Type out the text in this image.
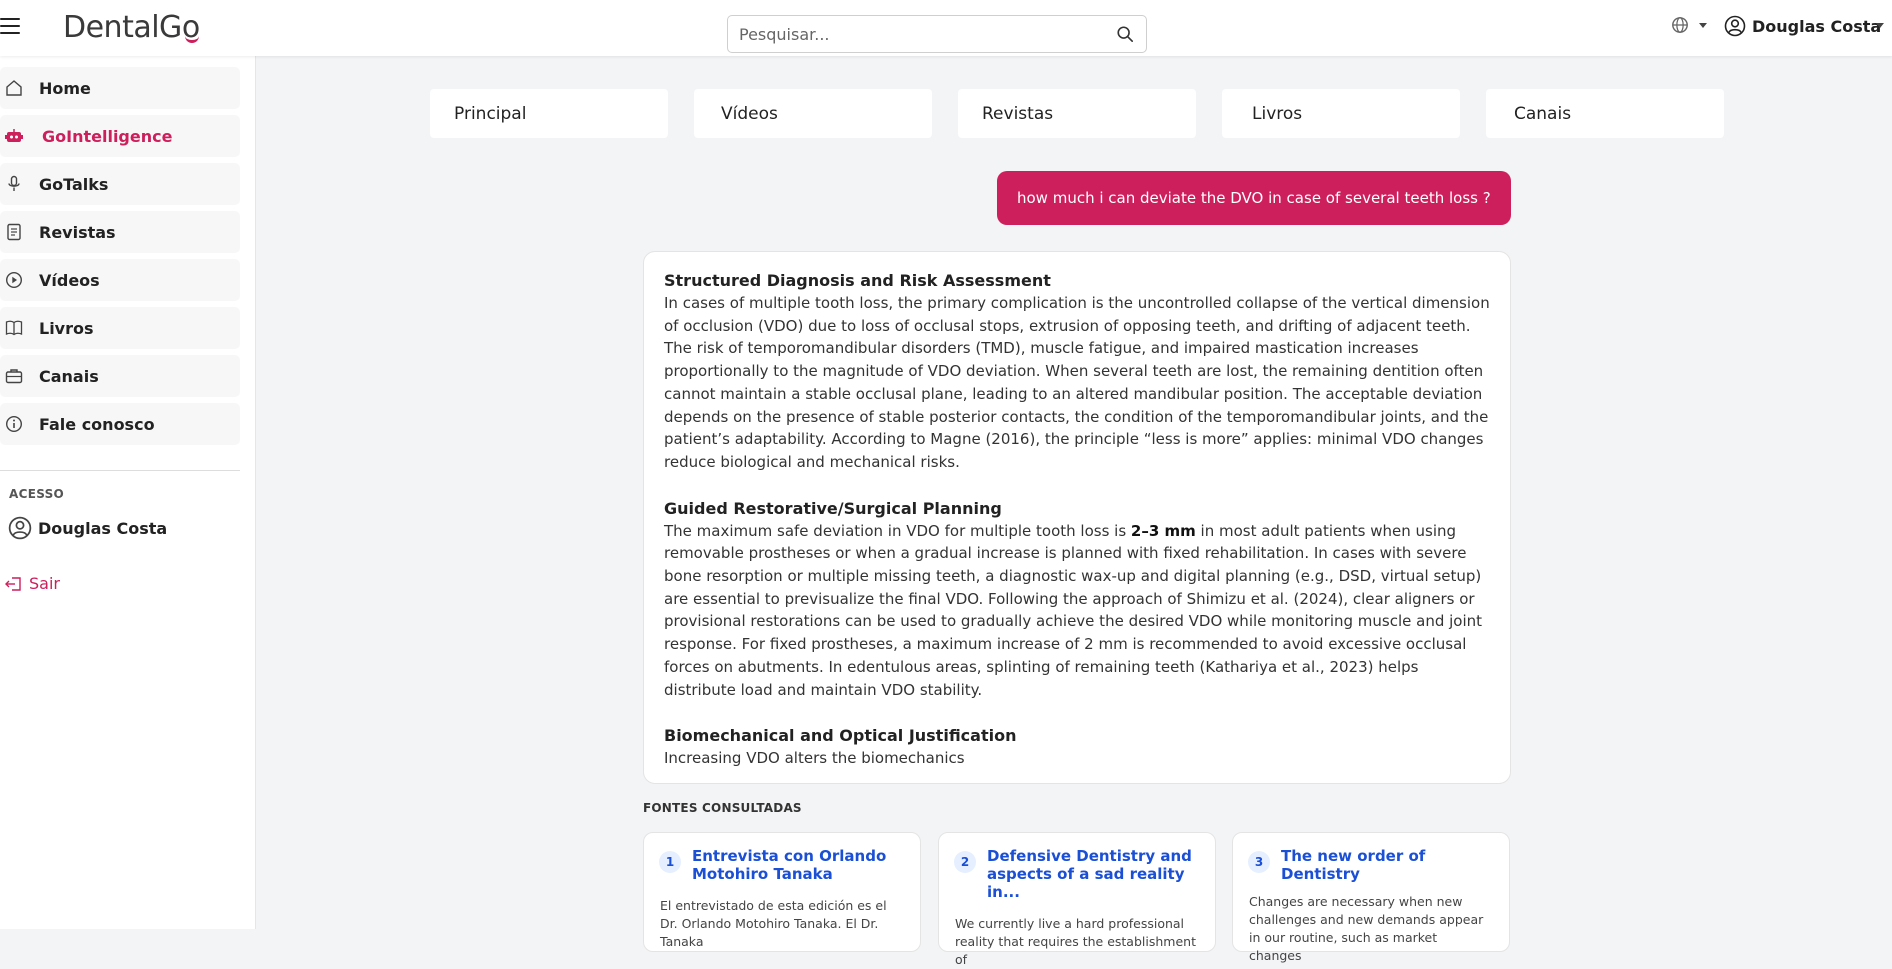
DentalGo
Pesquisar...	Douglas Costa
Home
GoIntelligence
GoTalks
Revistas
Vídeos
Livros
Canais
Fale conosco
ACESSO
Douglas Costa
Sair
Principal	Vídeos	Revistas	Livros	Canais
how much i can deviate the DVO in case of several teeth loss ?
Structured Diagnosis and Risk Assessment

In cases of multiple tooth loss, the primary complication is the uncontrolled collapse of the vertical dimension of occlusion (VDO) due to loss of occlusal stops, extrusion of opposing teeth, and drifting of adjacent teeth. The risk of temporomandibular disorders (TMD), muscle fatigue, and impaired mastication increases proportionally to the magnitude of VDO deviation. When several teeth are lost, the remaining dentition often cannot maintain a stable occlusal plane, leading to an altered mandibular position. The acceptable deviation depends on the presence of stable posterior contacts, the condition of the temporomandibular joints, and the patient’s adaptability. According to Magne (2016), the principle “less is more” applies: minimal VDO changes reduce biological and mechanical risks.

Guided Restorative/Surgical Planning

The maximum safe deviation in VDO for multiple tooth loss is 2–3 mm in most adult patients when using removable prostheses or when a gradual increase is planned with fixed rehabilitation. In cases with severe bone resorption or multiple missing teeth, a diagnostic wax-up and digital planning (e.g., DSD, virtual setup) are essential to previsualize the final VDO. Following the approach of Shimizu et al. (2024), clear aligners or provisional restorations can be used to gradually achieve the desired VDO while monitoring muscle and joint response. For fixed prostheses, a maximum increase of 2 mm is recommended to avoid excessive occlusal forces on abutments. In edentulous areas, splinting of remaining teeth (Kathariya et al., 2023) helps distribute load and maintain VDO stability.

Biomechanical and Optical Justification

Increasing VDO alters the biomechanics

FONTES CONSULTADAS
1	Entrevista con Orlando Motohiro Tanaka
El entrevistado de esta edición es el Dr. Orlando Motohiro Tanaka. El Dr. Tanaka
2	Defensive Dentistry and aspects of a sad reality in...
We currently live a hard professional reality that requires the establishment of
3	The new order of Dentistry
Changes are necessary when new challenges and new demands appear in our routine, such as market changes
